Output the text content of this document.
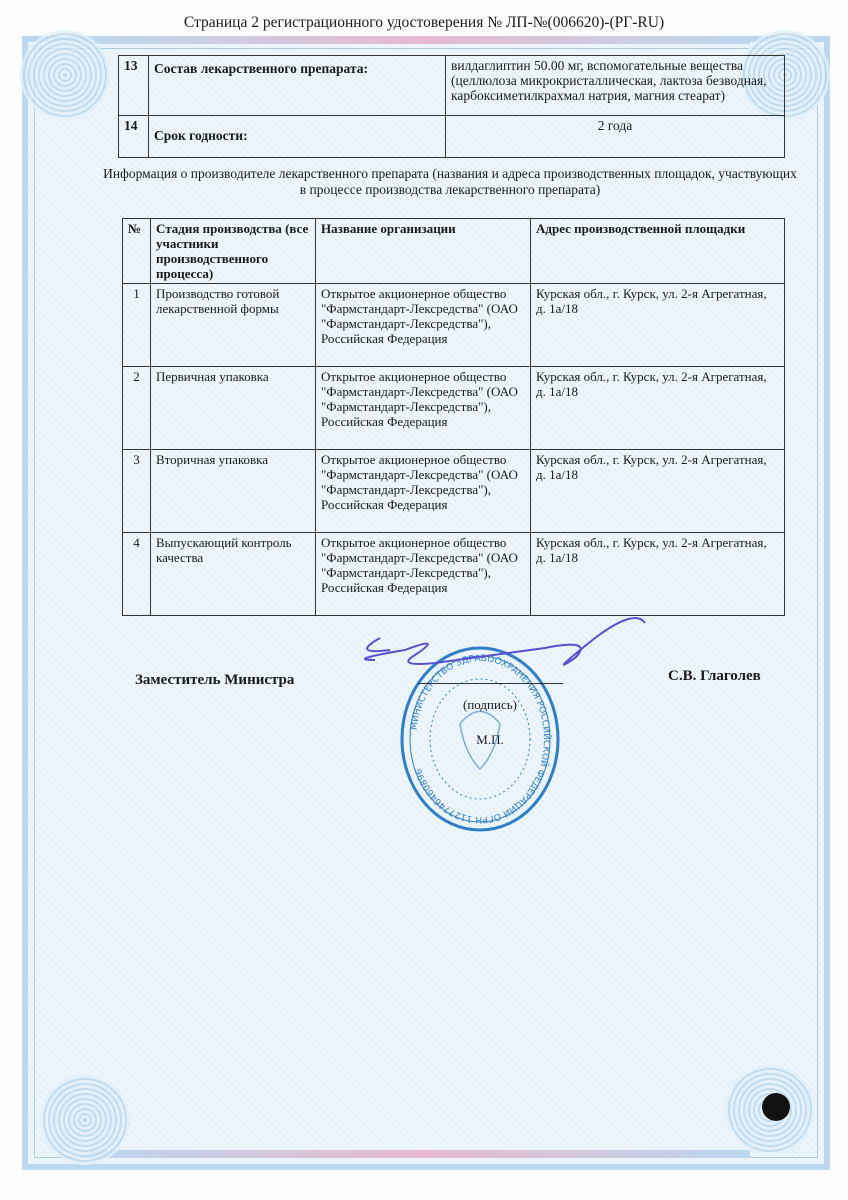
Страница 2 регистрационного удостоверения № ЛП-№(006620)-(РГ-RU)
13	Состав лекарственного препарата:	вилдаглиптин 50.00 мг, вспомогательные вещества (целлюлоза микрокристаллическая, лактоза безводная, карбоксиметилкрахмал натрия, магния стеарат)
14	Срок годности:	2 года
Информация о производителе лекарственного препарата (названия и адреса производственных площадок, участвующих в процессе производства лекарственного препарата)
№	Стадия производства (все участники производственного процесса)	Название организации	Адрес производственной площадки
1	Производство готовой лекарственной формы	Открытое акционерное общество "Фармстандарт-Лексредства" (ОАО "Фармстандарт-Лексредства"), Российская Федерация	Курская обл., г. Курск, ул. 2-я Агрегатная, д. 1а/18
2	Первичная упаковка	Открытое акционерное общество "Фармстандарт-Лексредства" (ОАО "Фармстандарт-Лексредства"), Российская Федерация	Курская обл., г. Курск, ул. 2-я Агрегатная, д. 1а/18
3	Вторичная упаковка	Открытое акционерное общество "Фармстандарт-Лексредства" (ОАО "Фармстандарт-Лексредства"), Российская Федерация	Курская обл., г. Курск, ул. 2-я Агрегатная, д. 1а/18
4	Выпускающий контроль качества	Открытое акционерное общество "Фармстандарт-Лексредства" (ОАО "Фармстандарт-Лексредства"), Российская Федерация	Курская обл., г. Курск, ул. 2-я Агрегатная, д. 1а/18
МИНИСТЕРСТВО ЗДРАВООХРАНЕНИЯ РОССИЙСКОЙ ФЕДЕРАЦИИ ОГРН 1127746460896
Заместитель Министра
(подпись)
М.П.
С.В. Глаголев
